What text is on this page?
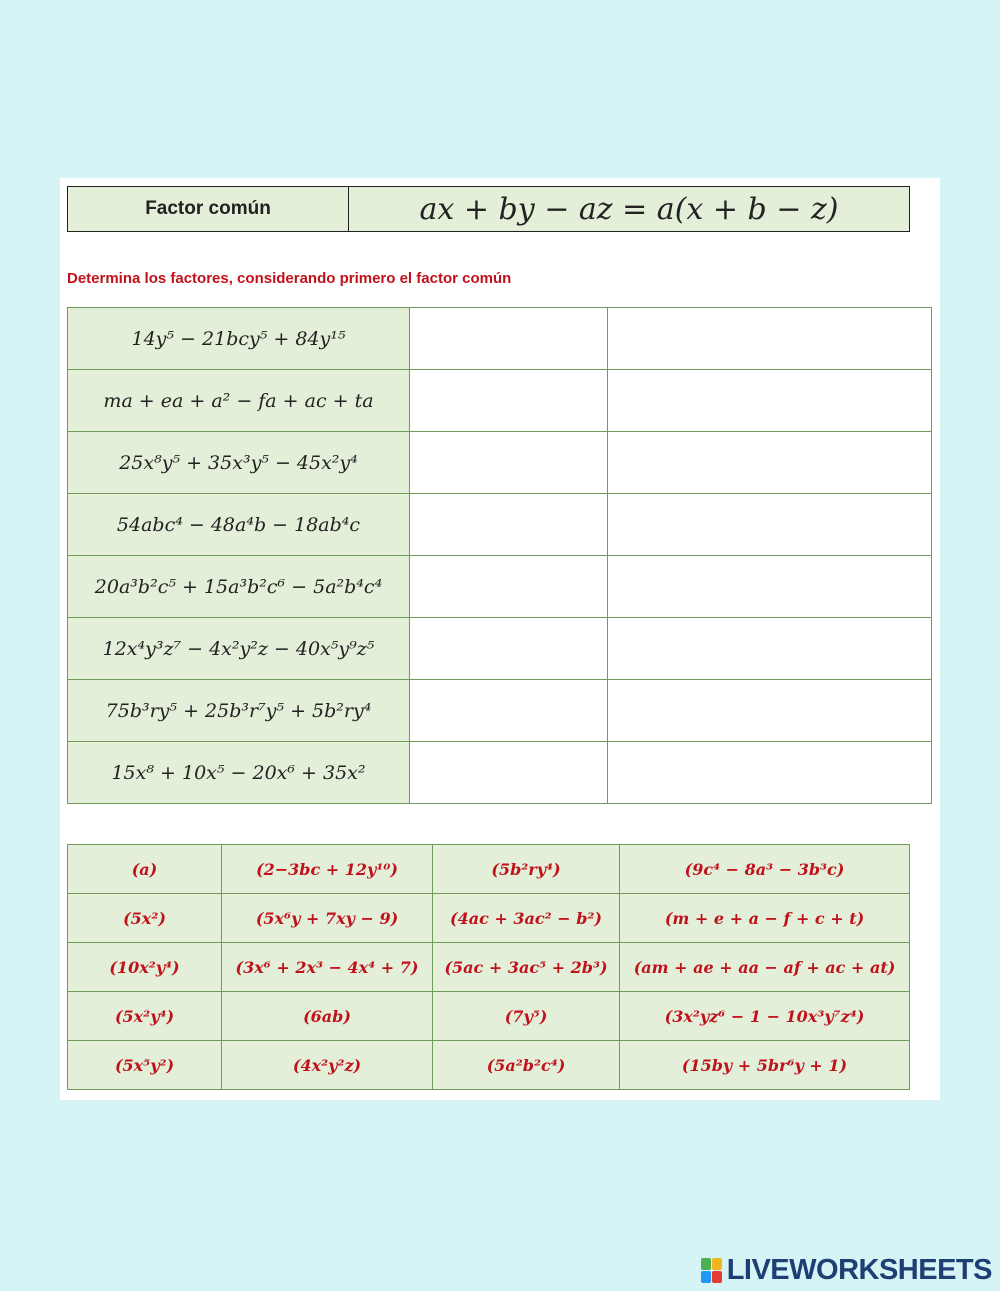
Factor común	ax + by − az = a(x + b − z)
Determina los factores, considerando primero el factor común
14y⁵ − 21bcy⁵ + 84y¹⁵		
ma + ea + a² − fa + ac + ta		
25x⁸y⁵ + 35x³y⁵ − 45x²y⁴		
54abc⁴ − 48a⁴b − 18ab⁴c		
20a³b²c⁵ + 15a³b²c⁶ − 5a²b⁴c⁴		
12x⁴y³z⁷ − 4x²y²z − 40x⁵y⁹z⁵		
75b³ry⁵ + 25b³r⁷y⁵ + 5b²ry⁴		
15x⁸ + 10x⁵ − 20x⁶ + 35x²		
(a)	(2−3bc + 12y¹⁰)	(5b²ry⁴)	(9c⁴ − 8a³ − 3b³c)
(5x²)	(5x⁶y + 7xy − 9)	(4ac + 3ac² − b²)	(m + e + a − f + c + t)
(10x²y⁴)	(3x⁶ + 2x³ − 4x⁴ + 7)	(5ac + 3ac⁵ + 2b³)	(am + ae + aa − af + ac + at)
(5x²y⁴)	(6ab)	(7y⁵)	(3x²yz⁶ − 1 − 10x³y⁷z⁴)
(5x⁵y²)	(4x²y²z)	(5a²b²c⁴)	(15by + 5br⁶y + 1)
LIVEWORKSHEETS
